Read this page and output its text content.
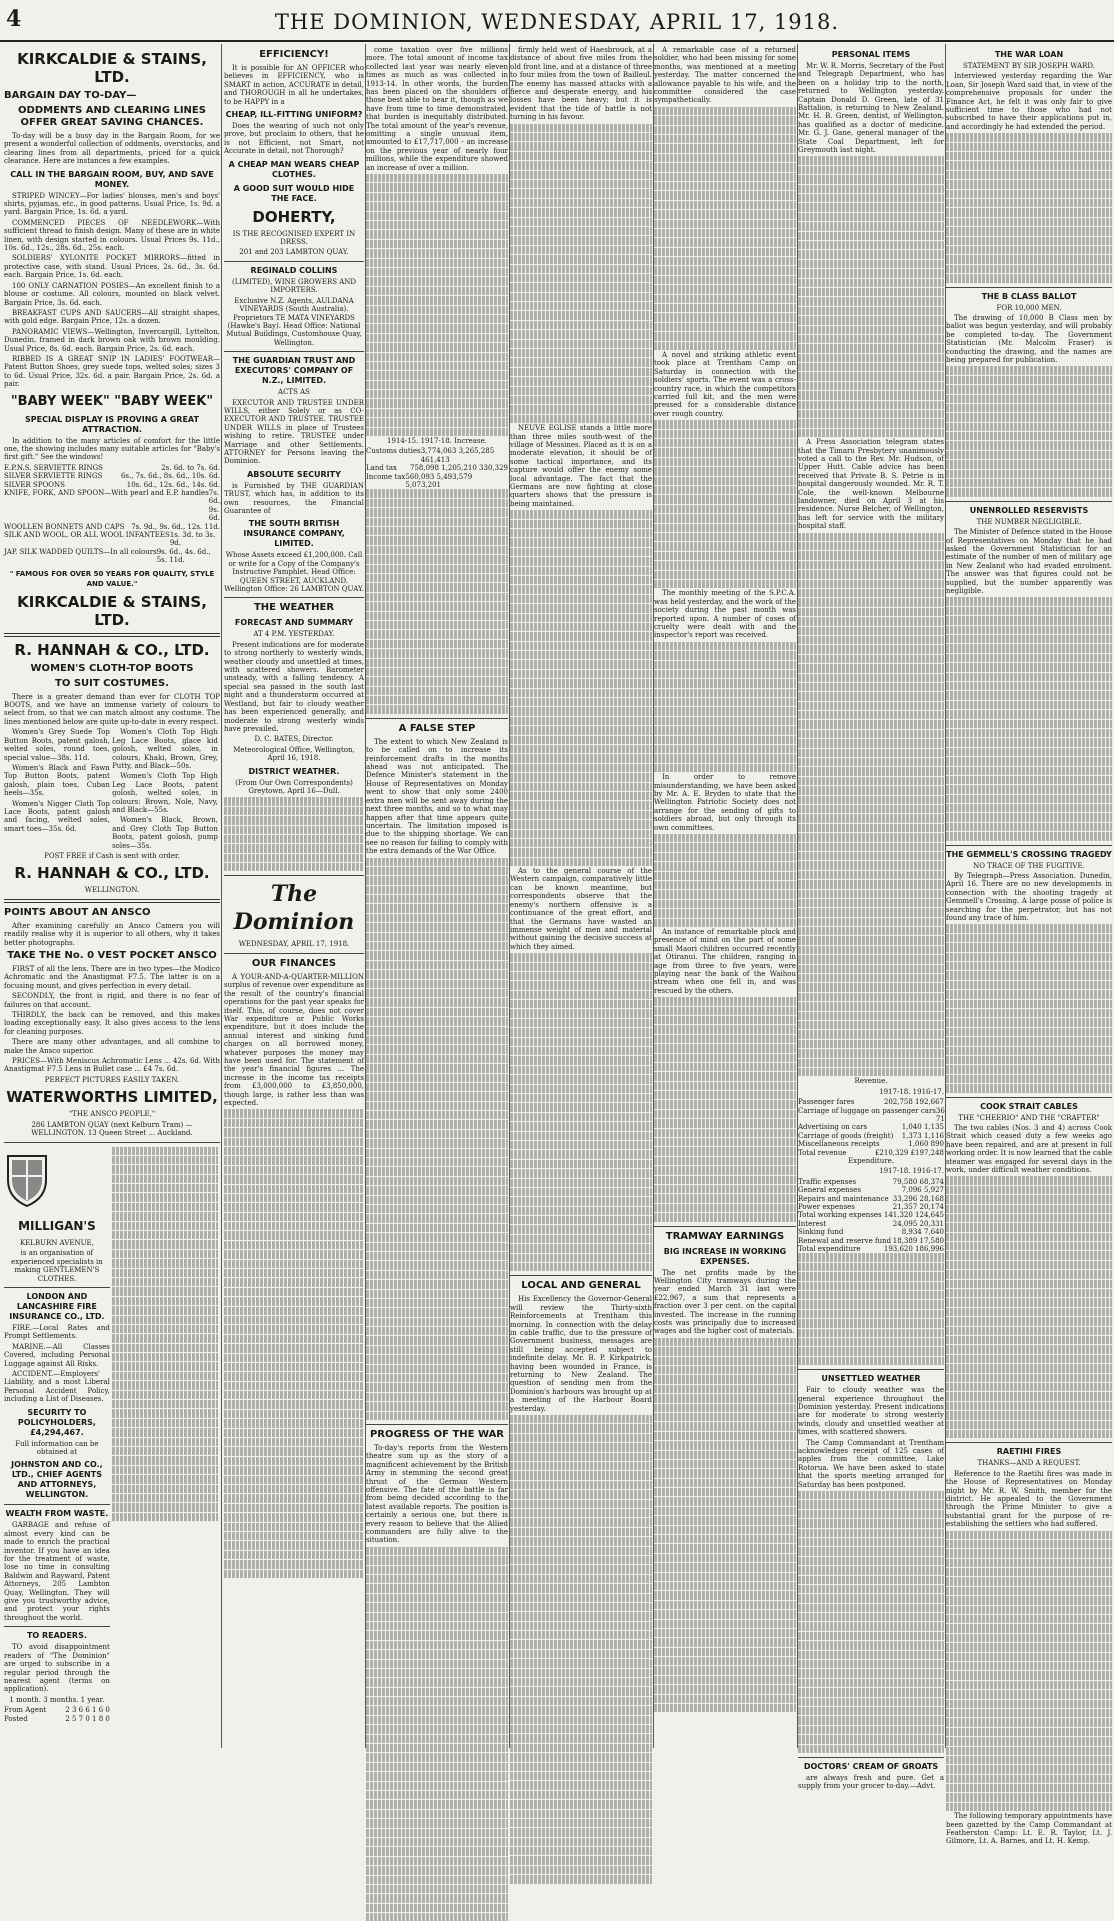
4	THE DOMINION, WEDNESDAY, APRIL 17, 1918.
KIRKCALDIE & STAINS, LTD.
BARGAIN DAY TO-DAY—
ODDMENTS AND CLEARING LINES OFFER GREAT SAVING CHANCES.
To-day will be a busy day in the Bargain Room, for we present a wonderful collection of oddments, overstocks, and clearing lines from all departments, priced for a quick clearance. Here are instances a few examples.
CALL IN THE BARGAIN ROOM, BUY, AND SAVE MONEY.
STRIPED WINCEY—For ladies' blouses, men's and boys' shirts, pyjamas, etc., in good patterns. Usual Price, 1s. 9d. a yard. Bargain Price, 1s. 6d. a yard.
COMMENCED PIECES OF NEEDLEWORK—With sufficient thread to finish design. Many of these are in white linen, with design started in colours. Usual Prices 9s. 11d., 10s. 6d., 12s., 28s. 6d., 25s. each.
SOLDIERS' XYLONITE POCKET MIRRORS—fitted in protective case, with stand. Usual Prices, 2s. 6d., 3s. 6d. each. Bargain Price, 1s. 6d. each.
100 ONLY CARNATION POSIES—An excellent finish to a blouse or costume. All colours, mounted on black velvet. Bargain Price, 3s. 6d. each.
BREAKFAST CUPS AND SAUCERS—All straight shapes, with gold edge. Bargain Price, 12s. a dozen.
PANORAMIC VIEWS—Wellington, Invercargill, Lyttelton, Dunedin, framed in dark brown oak with brown moulding. Usual Price, 8s. 6d. each. Bargain Price, 2s. 6d. each.
RIBBED IS A GREAT SNIP IN LADIES' FOOTWEAR—Patent Button Shoes, grey suede tops, welted soles; sizes 3 to 6d. Usual Price, 32s. 6d. a pair. Bargain Price, 2s. 6d. a pair.
"BABY WEEK" "BABY WEEK"
SPECIAL DISPLAY IS PROVING A GREAT ATTRACTION.
In addition to the many articles of comfort for the little one, the showing includes many suitable articles for "Baby's first gift." See the windows!
E.P.N.S. SERVIETTE RINGS	2s. 6d. to 7s. 6d.
SILVER SERVIETTE RINGS	6s., 7s. 6d., 8s. 6d., 10s. 6d.
SILVER SPOONS	10s. 6d., 12s. 6d., 14s. 6d.
KNIFE, FORK, AND SPOON—With pearl and E.P. handles 7s. 6d., 9s. 6d.
WOOLLEN BONNETS AND CAPS 7s. 9d., 9s. 6d., 12s. 11d.
SILK AND WOOL, OR ALL WOOL INFANTEES 1s. 3d. to 3s. 9d.
JAP. SILK WADDED QUILTS—In all colours 9s. 6d., 4s. 6d., 5s. 11d.
" FAMOUS FOR OVER 50 YEARS FOR QUALITY, STYLE AND VALUE."
KIRKCALDIE & STAINS, LTD.
R. HANNAH & CO., LTD.
WOMEN'S CLOTH-TOP BOOTS
TO SUIT COSTUMES.
There is a greater demand than ever for CLOTH TOP BOOTS, and we have an immense variety of colours to select from, so that we can match almost any costume. The lines mentioned below are quite up-to-date in every respect.
Women's Grey Suede Top Button Boots, patent galosh, welted soles, round toes, special value—38s. 11d.
Women's Black and Fawn Top Button Boots, patent galosh, plain toes, Cuban heels—35s.
Women's Nigger Cloth Top Lace Boots, patent galosh and facing, welted soles, smart toes—35s. 6d.

Women's Cloth Top High Leg Lace Boots, glace kid golosh, welted soles, in colours, Khaki, Brown, Grey, Putty, and Black—50s.
Women's Cloth Top High Leg Lace Boots, patent golosh, welted soles, in colours: Brown, Nole, Navy, and Black—55s.
Women's Black, Brown, and Grey Cloth Top Button Boots, patent golosh, pump soles—35s.
POST FREE if Cash is sent with order.
R. HANNAH & CO., LTD.
WELLINGTON.
POINTS ABOUT AN ANSCO
After examining carefully an Ansco Camera you will readily realise why it is superior to all others, why it takes better photographs.
TAKE THE No. 0 VEST POCKET ANSCO
FIRST of all the lens. There are in two types—the Modico Achromatic and the Anastigmat F7.5. The latter is on a focusing mount, and gives perfection in every detail.
SECONDLY, the front is rigid, and there is no fear of failures on that account.
THIRDLY, the back can be removed, and this makes loading exceptionally easy. It also gives access to the lens for cleaning purposes.
There are many other advantages, and all combine to make the Ansco superior.
PRICES—With Meniscus Achromatic Lens ... 42s. 6d. With Anastigmat F7.5 Lens in Bullet case ... £4 7s. 6d.
PERFECT PICTURES EASILY TAKEN.
WATERWORTHS LIMITED,
"THE ANSCO PEOPLE,"
286 LAMBTON QUAY (next Kelburn Tram) — WELLINGTON. 13 Queen Street ... Auckland.
MILLIGAN'S
KELBURN AVENUE,
is an organisation of experienced specialists in making GENTLEMEN'S CLOTHES.
LONDON AND LANCASHIRE FIRE INSURANCE CO., LTD.
FIRE.—Local Rates and Prompt Settlements.
MARINE.—All Classes Covered, including Personal Luggage against All Risks.
ACCIDENT.—Employers' Liability, and a most Liberal Personal Accident Policy, including a List of Diseases.
SECURITY TO POLICYHOLDERS, £4,294,467.
Full information can be obtained at
JOHNSTON AND CO., LTD., CHIEF AGENTS AND ATTORNEYS, WELLINGTON.
WEALTH FROM WASTE.
GARBAGE and refuse of almost every kind can be made to enrich the practical inventor. If you have an idea for the treatment of waste, lose no time in consulting Baldwin and Rayward, Patent Attorneys, 205 Lambton Quay, Wellington. They will give you trustworthy advice, and protect your rights throughout the world.
TO READERS.
TO avoid disappointment readers of "The Dominion" are urged to subscribe in a regular period through the nearest agent (terms on application).
1 month. 3 months. 1 year.
From Agent	2 3 6 6 1 6 0
Posted	2 5 7 0 1 8 0

EFFICIENCY!
It is possible for AN OFFICER who believes in EFFICIENCY, who is SMART in action, ACCURATE in detail, and THOROUGH in all he undertakes, to be HAPPY in a
CHEAP, ILL-FITTING UNIFORM?
Does the wearing of such not only prove, but proclaim to others, that he is not Efficient, not Smart, not Accurate in detail, not Thorough?
A CHEAP MAN WEARS CHEAP CLOTHES.
A GOOD SUIT WOULD HIDE THE FACE.
DOHERTY,
IS THE RECOGNISED EXPERT IN DRESS.
201 and 203 LAMBTON QUAY.
REGINALD COLLINS
(LIMITED), WINE GROWERS AND IMPORTERS.
Exclusive N.Z. Agents, AULDANA VINEYARDS (South Australia). Proprietors TE MATA VINEYARDS (Hawke's Bay). Head Office: National Mutual Buildings, Customhouse Quay, Wellington.
THE GUARDIAN TRUST AND EXECUTORS' COMPANY OF N.Z., LIMITED.
ACTS AS
EXECUTOR AND TRUSTEE UNDER WILLS, either Solely or as CO-EXECUTOR AND TRUSTEE. TRUSTEE UNDER WILLS in place of Trustees wishing to retire. TRUSTEE under Marriage and other Settlements. ATTORNEY for Persons leaving the Dominion.
ABSOLUTE SECURITY
is Furnished by THE GUARDIAN TRUST, which has, in addition to its own resources, the Financial Guarantee of
THE SOUTH BRITISH INSURANCE COMPANY, LIMITED.
Whose Assets exceed £1,200,000. Call or write for a Copy of the Company's Instructive Pamphlet. Head Office: QUEEN STREET, AUCKLAND. Wellington Office: 26 LAMBTON QUAY.
THE WEATHER
FORECAST AND SUMMARY
AT 4 P.M. YESTERDAY.
Present indications are for moderate to strong northerly to westerly winds, weather cloudy and unsettled at times, with scattered showers. Barometer unsteady, with a falling tendency. A special sea passed in the south last night and a thunderstorm occurred at Westland, but fair to cloudy weather has been experienced generally, and moderate to strong westerly winds have prevailed.
D. C. BATES, Director.
Meteorological Office, Wellington, April 16, 1918.
DISTRICT WEATHER.
(From Our Own Correspondents) Greytown, April 16—Dull.
The Dominion
WEDNESDAY, APRIL 17, 1918.
OUR FINANCES
A YOUR-AND-A-QUARTER-MILLION surplus of revenue over expenditure as the result of the country's financial operations for the past year speaks for itself. This, of course, does not cover War expenditure or Public Works expenditure, but it does include the annual interest and sinking fund charges on all borrowed money, whatever purposes the money may have been used for. The statement of the year's financial figures ... The increase in the income tax receipts from £3,000,000 to £3,850,000, though large, is rather less than was expected.
come taxation over five millions more. The total amount of income tax collected last year was nearly eleven times as much as was collected in 1913-14. In other words, the burden has been placed on the shoulders of those best able to bear it, though as we have from time to time demonstrated, that burden is inequitably distributed. The total amount of the year's revenue, omitting a single unusual item, amounted to £17,717,000 - an increase on the previous year of nearly four millions, while the expenditure showed an increase of over a million.
1914-15. 1917-18. Increase.
Customs duties 3,774,063 3,265,285 461,413
Land tax 758,098 1,205,210 330,329
Income tax 560,093 5,493,579 5,073,201
A FALSE STEP
The extent to which New Zealand is to be called on to increase its reinforcement drafts in the months ahead was not anticipated. The Defence Minister's statement in the House of Representatives on Monday went to show that only some 2400 extra men will be sent away during the next three months, and so to what may happen after that time appears quite uncertain. The limitation imposed is due to the shipping shortage. We can see no reason for failing to comply with the extra demands of the War Office.
PROGRESS OF THE WAR
To-day's reports from the Western theatre sum up as the story of a magnificent achievement by the British Army in stemming the second great thrust of the German Western offensive. The fate of the battle is far from being decided according to the latest available reports. The position is certainly a serious one, but there is every reason to believe that the Allied commanders are fully alive to the situation.
firmly held west of Haesbrouck, at a distance of about five miles from the old front line, and at a distance of three to four miles from the town of Bailleul. The enemy has massed attacks with a fierce and desperate energy, and his losses have been heavy; but it is evident that the tide of battle is not turning in his favour.
NEUVE EGLISE stands a little more than three miles south-west of the village of Messines. Placed as it is on a moderate elevation, it should be of some tactical importance, and its capture would offer the enemy some local advantage. The fact that the Germans are now fighting at close quarters shows that the pressure is being maintained.
As to the general course of the Western campaign, comparatively little can be known meantime, but correspondents observe that the enemy's northern offensive is a continuance of the great effort, and that the Germans have wasted an immense weight of men and material without gaining the decisive success at which they aimed.
LOCAL AND GENERAL
His Excellency the Governor-General will review the Thirty-sixth Reinforcements at Trentham this morning. In connection with the delay in cable traffic, due to the pressure of Government business, messages are still being accepted subject to indefinite delay. Mr. B. P. Kirkpatrick, having been wounded in France, is returning to New Zealand. The question of sending men from the Dominion's harbours was brought up at a meeting of the Harbour Board yesterday.
A remarkable case of a returned soldier, who had been missing for some months, was mentioned at a meeting yesterday. The matter concerned the allowance payable to his wife, and the committee considered the case sympathetically.
A novel and striking athletic event took place at Trentham Camp on Saturday in connection with the soldiers' sports. The event was a cross-country race, in which the competitors carried full kit, and the men were pressed for a considerable distance over rough country.
The monthly meeting of the S.P.C.A. was held yesterday, and the work of the society during the past month was reported upon. A number of cases of cruelty were dealt with and the inspector's report was received.
In order to remove misunderstanding, we have been asked by Mr. A. E. Bryden to state that the Wellington Patriotic Society does not arrange for the sending of gifts to soldiers abroad, but only through its own committees.
An instance of remarkable pluck and presence of mind on the part of some small Maori children occurred recently at Otiranui. The children, ranging in age from three to five years, were playing near the bank of the Waihou stream when one fell in, and was rescued by the others.
TRAMWAY EARNINGS
BIG INCREASE IN WORKING EXPENSES.
The net profits made by the Wellington City tramways during the year ended March 31 last were £22,967, a sum that represents a fraction over 3 per cent. on the capital invested. The increase in the running costs was principally due to increased wages and the higher cost of materials.
PERSONAL ITEMS
Mr. W. R. Morris, Secretary of the Post and Telegraph Department, who has been on a holiday trip to the north, returned to Wellington yesterday. Captain Donald D. Green, late of 31 Battalion, is returning to New Zealand. Mr. H. B. Green, dentist, of Wellington, has qualified as a doctor of medicine. Mr. G. J. Gane, general manager of the State Coal Department, left for Greymouth last night.
A Press Association telegram states that the Timaru Presbytery unanimously voted a call to the Rev. Mr. Hudson, of Upper Hutt. Cable advice has been received that Private B. S. Petrie is in hospital dangerously wounded. Mr. R. T. Cole, the well-known Melbourne landowner, died on April 3 at his residence. Nurse Belcher, of Wellington, has left for service with the military hospital staff.
Revenue.
1917-18. 1916-17.
Passenger fares	202,758 192,667
Carriage of luggage on passenger cars 36 71
Advertising on cars	1,040 1,135
Carriage of goods (freight) 1,373 1,116
Miscellaneous receipts	1,060 890
Total revenue	£210,329 £197,248
Expenditure.
1917-18. 1916-17.
Traffic expenses	79,580 68,374
General expenses	7,096 5,927
Repairs and maintenance 33,296 28,168
Power expenses	21,357 20,174
Total working expenses 141,320 124,645
Interest	24,095 20,331
Sinking fund	8,934 7,640
Renewal and reserve fund 18,389 17,580
Total expenditure	193,620 186,996
UNSETTLED WEATHER
Fair to cloudy weather was the general experience throughout the Dominion yesterday. Present indications are for moderate to strong westerly winds, cloudy and unsettled weather at times, with scattered showers.
The Camp Commandant at Trentham acknowledges receipt of 125 cases of apples from the committee, Lake Rotorua. We have been asked to state that the sports meeting arranged for Saturday has been postponed.
DOCTORS' CREAM OF GROATS
are always fresh and pure. Get a supply from your grocer to-day.—Advt.
THE WAR LOAN
STATEMENT BY SIR JOSEPH WARD.
Interviewed yesterday regarding the War Loan, Sir Joseph Ward said that, in view of the comprehensive proposals for under the Finance Act, he felt it was only fair to give sufficient time to those who had not subscribed to have their applications put in, and accordingly he had extended the period.
THE B CLASS BALLOT
FOR 10,000 MEN.
The drawing of 10,000 B Class men by ballot was begun yesterday, and will probably be completed to-day. The Government Statistician (Mr. Malcolm Fraser) is conducting the drawing, and the names are being prepared for publication.
UNENROLLED RESERVISTS
THE NUMBER NEGLIGIBLE.
The Minister of Defence stated in the House of Representatives on Monday that he had asked the Government Statistician for an estimate of the number of men of military age in New Zealand who had evaded enrolment. The answer was that figures could not be supplied, but the number apparently was negligible.
THE GEMMELL'S CROSSING TRAGEDY
NO TRACE OF THE FUGITIVE.
By Telegraph—Press Association. Dunedin, April 16. There are no new developments in connection with the shooting tragedy at Gemmell's Crossing. A large posse of police is searching for the perpetrator, but has not found any trace of him.
COOK STRAIT CABLES
THE "CHEERIO" AND THE "CRAFTER"
The two cables (Nos. 3 and 4) across Cook Strait which ceased duty a few weeks ago have been repaired, and are at present in full working order. It is now learned that the cable steamer was engaged for several days in the work, under difficult weather conditions.
RAETIHI FIRES
THANKS—AND A REQUEST.
Reference to the Raetihi fires was made in the House of Representatives on Monday night by Mr. R. W. Smith, member for the district. He appealed to the Government through the Prime Minister to give a substantial grant for the purpose of re-establishing the settlers who had suffered.
The following temporary appointments have been gazetted by the Camp Commandant at Featherston Camp: Lt. E. R. Taylor, Lt. J. Gilmore, Lt. A. Barnes, and Lt. H. Kemp.
